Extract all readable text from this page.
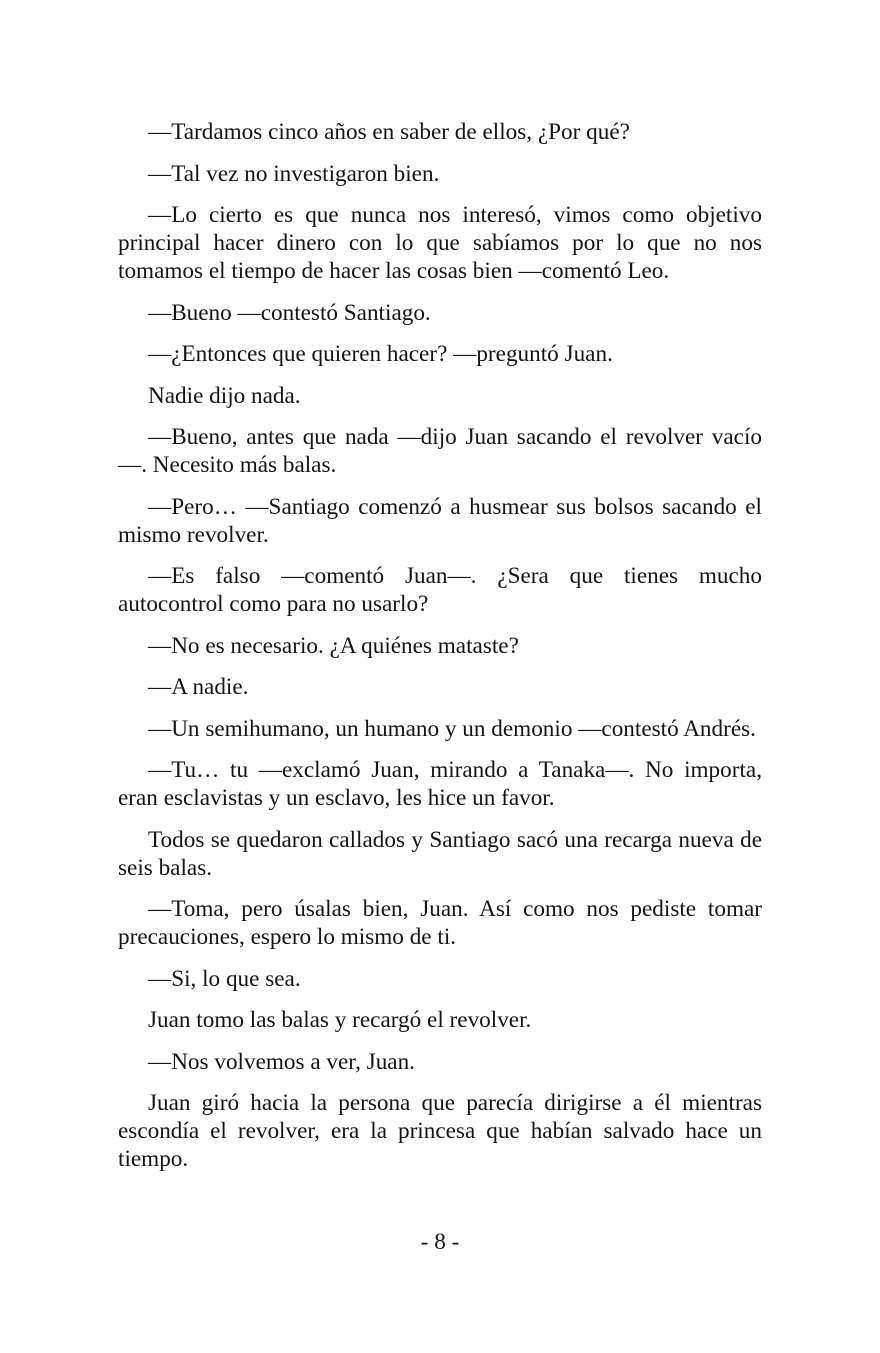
—Tardamos cinco años en saber de ellos, ¿Por qué?

—Tal vez no investigaron bien.

—Lo cierto es que nunca nos interesó, vimos como objetivo principal hacer dinero con lo que sabíamos por lo que no nos tomamos el tiempo de hacer las cosas bien —comentó Leo.

—Bueno —contestó Santiago.

—¿Entonces que quieren hacer? —preguntó Juan.

Nadie dijo nada.

—Bueno, antes que nada —dijo Juan sacando el revolver vacío—. Necesito más balas.

—Pero… —Santiago comenzó a husmear sus bolsos sacando el mismo revolver.

—Es falso —comentó Juan—. ¿Sera que tienes mucho autocontrol como para no usarlo?

—No es necesario. ¿A quiénes mataste?

—A nadie.

—Un semihumano, un humano y un demonio —contestó Andrés.

—Tu… tu —exclamó Juan, mirando a Tanaka—. No importa, eran esclavistas y un esclavo, les hice un favor.

Todos se quedaron callados y Santiago sacó una recarga nueva de seis balas.

—Toma, pero úsalas bien, Juan. Así como nos pediste tomar precauciones, espero lo mismo de ti.

—Si, lo que sea.

Juan tomo las balas y recargó el revolver.

—Nos volvemos a ver, Juan.

Juan giró hacia la persona que parecía dirigirse a él mientras escondía el revolver, era la princesa que habían salvado hace un tiempo.

- 8 -
